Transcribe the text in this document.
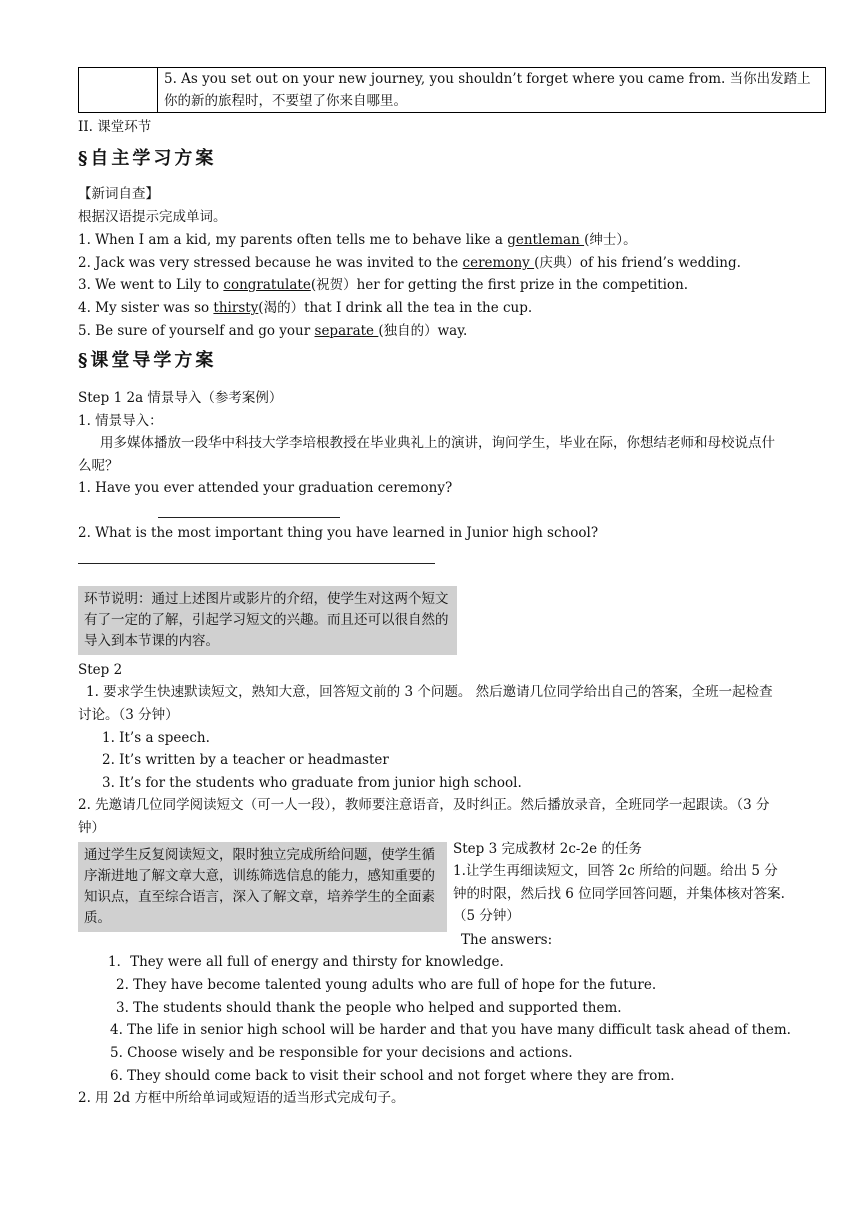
	5. As you set out on your new journey, you shouldn’t forget where you came from. 当你出发踏上你的新的旅程时，不要望了你来自哪里。
II. 课堂环节
§自主学习方案
【新词自查】
根据汉语提示完成单词。
1. When I am a kid, my parents often tells me to behave like a gentleman (绅士）。
2. Jack was very stressed because he was invited to the ceremony (庆典）of his friend’s wedding.
3. We went to Lily to congratulate(祝贺）her for getting the first prize in the competition.
4. My sister was so thirsty(渴的）that I drink all the tea in the cup.
5. Be sure of yourself and go your separate (独自的）way.
§课堂导学方案
Step 1 2a 情景导入（参考案例）
1. 情景导入：
用多媒体播放一段华中科技大学李培根教授在毕业典礼上的演讲，询问学生，毕业在际，你想结老师和母校说点什么呢？
1. Have you ever attended your graduation ceremony?
2. What is the most important thing you have learned in Junior high school?
环节说明：通过上述图片或影片的介绍，使学生对这两个短文有了一定的了解，引起学习短文的兴趣。而且还可以很自然的导入到本节课的内容。
Step 2
1. 要求学生快速默读短文，熟知大意，回答短文前的 3 个问题。 然后邀请几位同学给出自己的答案，全班一起检查讨论。（3 分钟）
1. It’s a speech.
2. It’s written by a teacher or headmaster
3. It’s for the students who graduate from junior high school.
2. 先邀请几位同学阅读短文（可一人一段），教师要注意语音，及时纠正。然后播放录音，全班同学一起跟读。（3 分钟）
通过学生反复阅读短文，限时独立完成所给问题，使学生循序渐进地了解文章大意，训练筛选信息的能力，感知重要的知识点，直至综合语言，深入了解文章，培养学生的全面素质。
Step 3 完成教材 2c-2e 的任务
1.让学生再细读短文，回答 2c 所给的问题。给出 5 分钟的时限，然后找 6 位同学回答问题，并集体核对答案.（5 分钟）
The answers:
1．They were all full of energy and thirsty for knowledge.
2. They have become talented young adults who are full of hope for the future.
3. The students should thank the people who helped and supported them.
4. The life in senior high school will be harder and that you have many difficult task ahead of them.
5. Choose wisely and be responsible for your decisions and actions.
6. They should come back to visit their school and not forget where they are from.
2. 用 2d 方框中所给单词或短语的适当形式完成句子。
